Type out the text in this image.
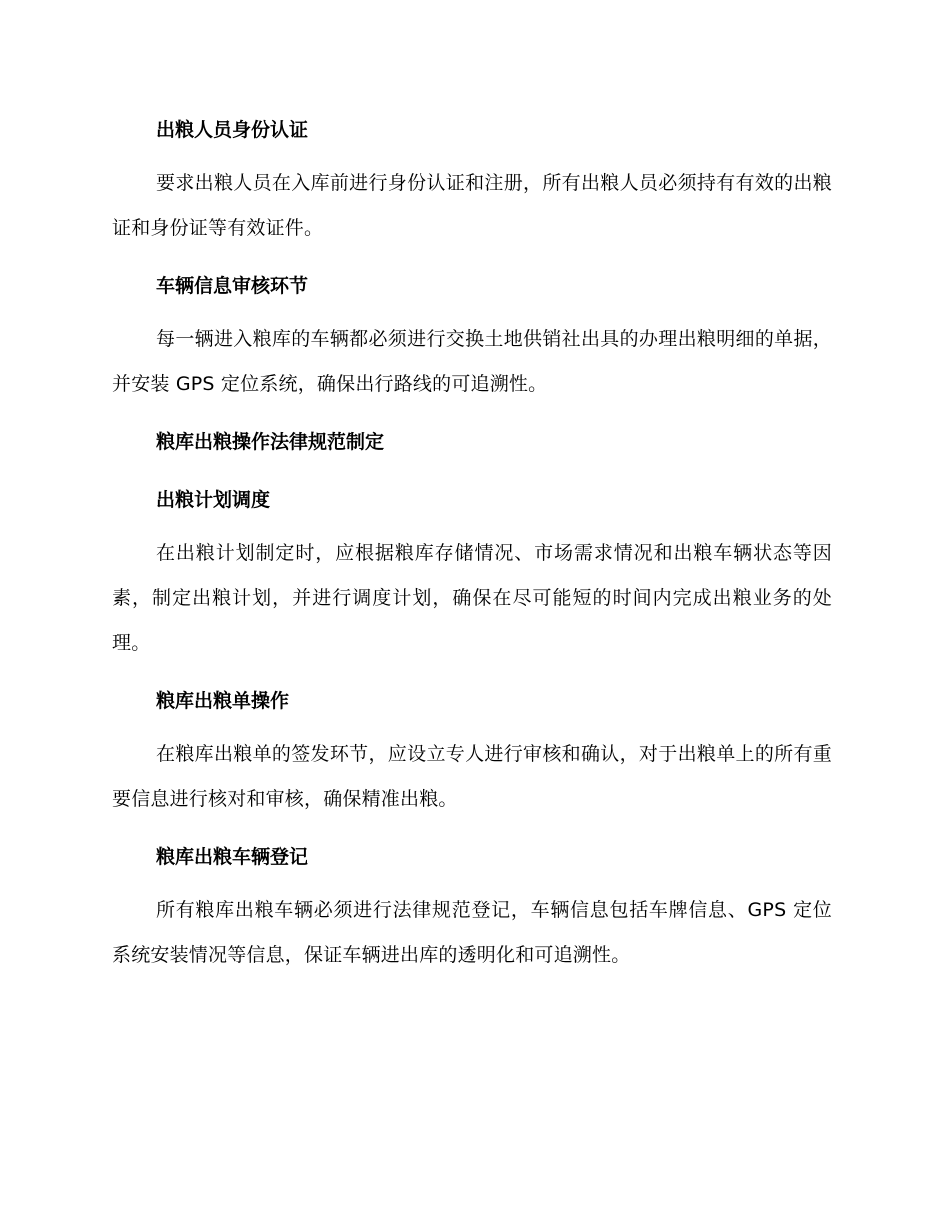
出粮人员身份认证

要求出粮人员在入库前进行身份认证和注册，所有出粮人员必须持有有效的出粮证和身份证等有效证件。

车辆信息审核环节

每一辆进入粮库的车辆都必须进行交换土地供销社出具的办理出粮明细的单据，并安装 GPS 定位系统，确保出行路线的可追溯性。

粮库出粮操作法律规范制定
出粮计划调度

在出粮计划制定时，应根据粮库存储情况、市场需求情况和出粮车辆状态等因素，制定出粮计划，并进行调度计划，确保在尽可能短的时间内完成出粮业务的处理。

粮库出粮单操作

在粮库出粮单的签发环节，应设立专人进行审核和确认，对于出粮单上的所有重要信息进行核对和审核，确保精准出粮。

粮库出粮车辆登记

所有粮库出粮车辆必须进行法律规范登记，车辆信息包括车牌信息、GPS 定位系统安装情况等信息，保证车辆进出库的透明化和可追溯性。
